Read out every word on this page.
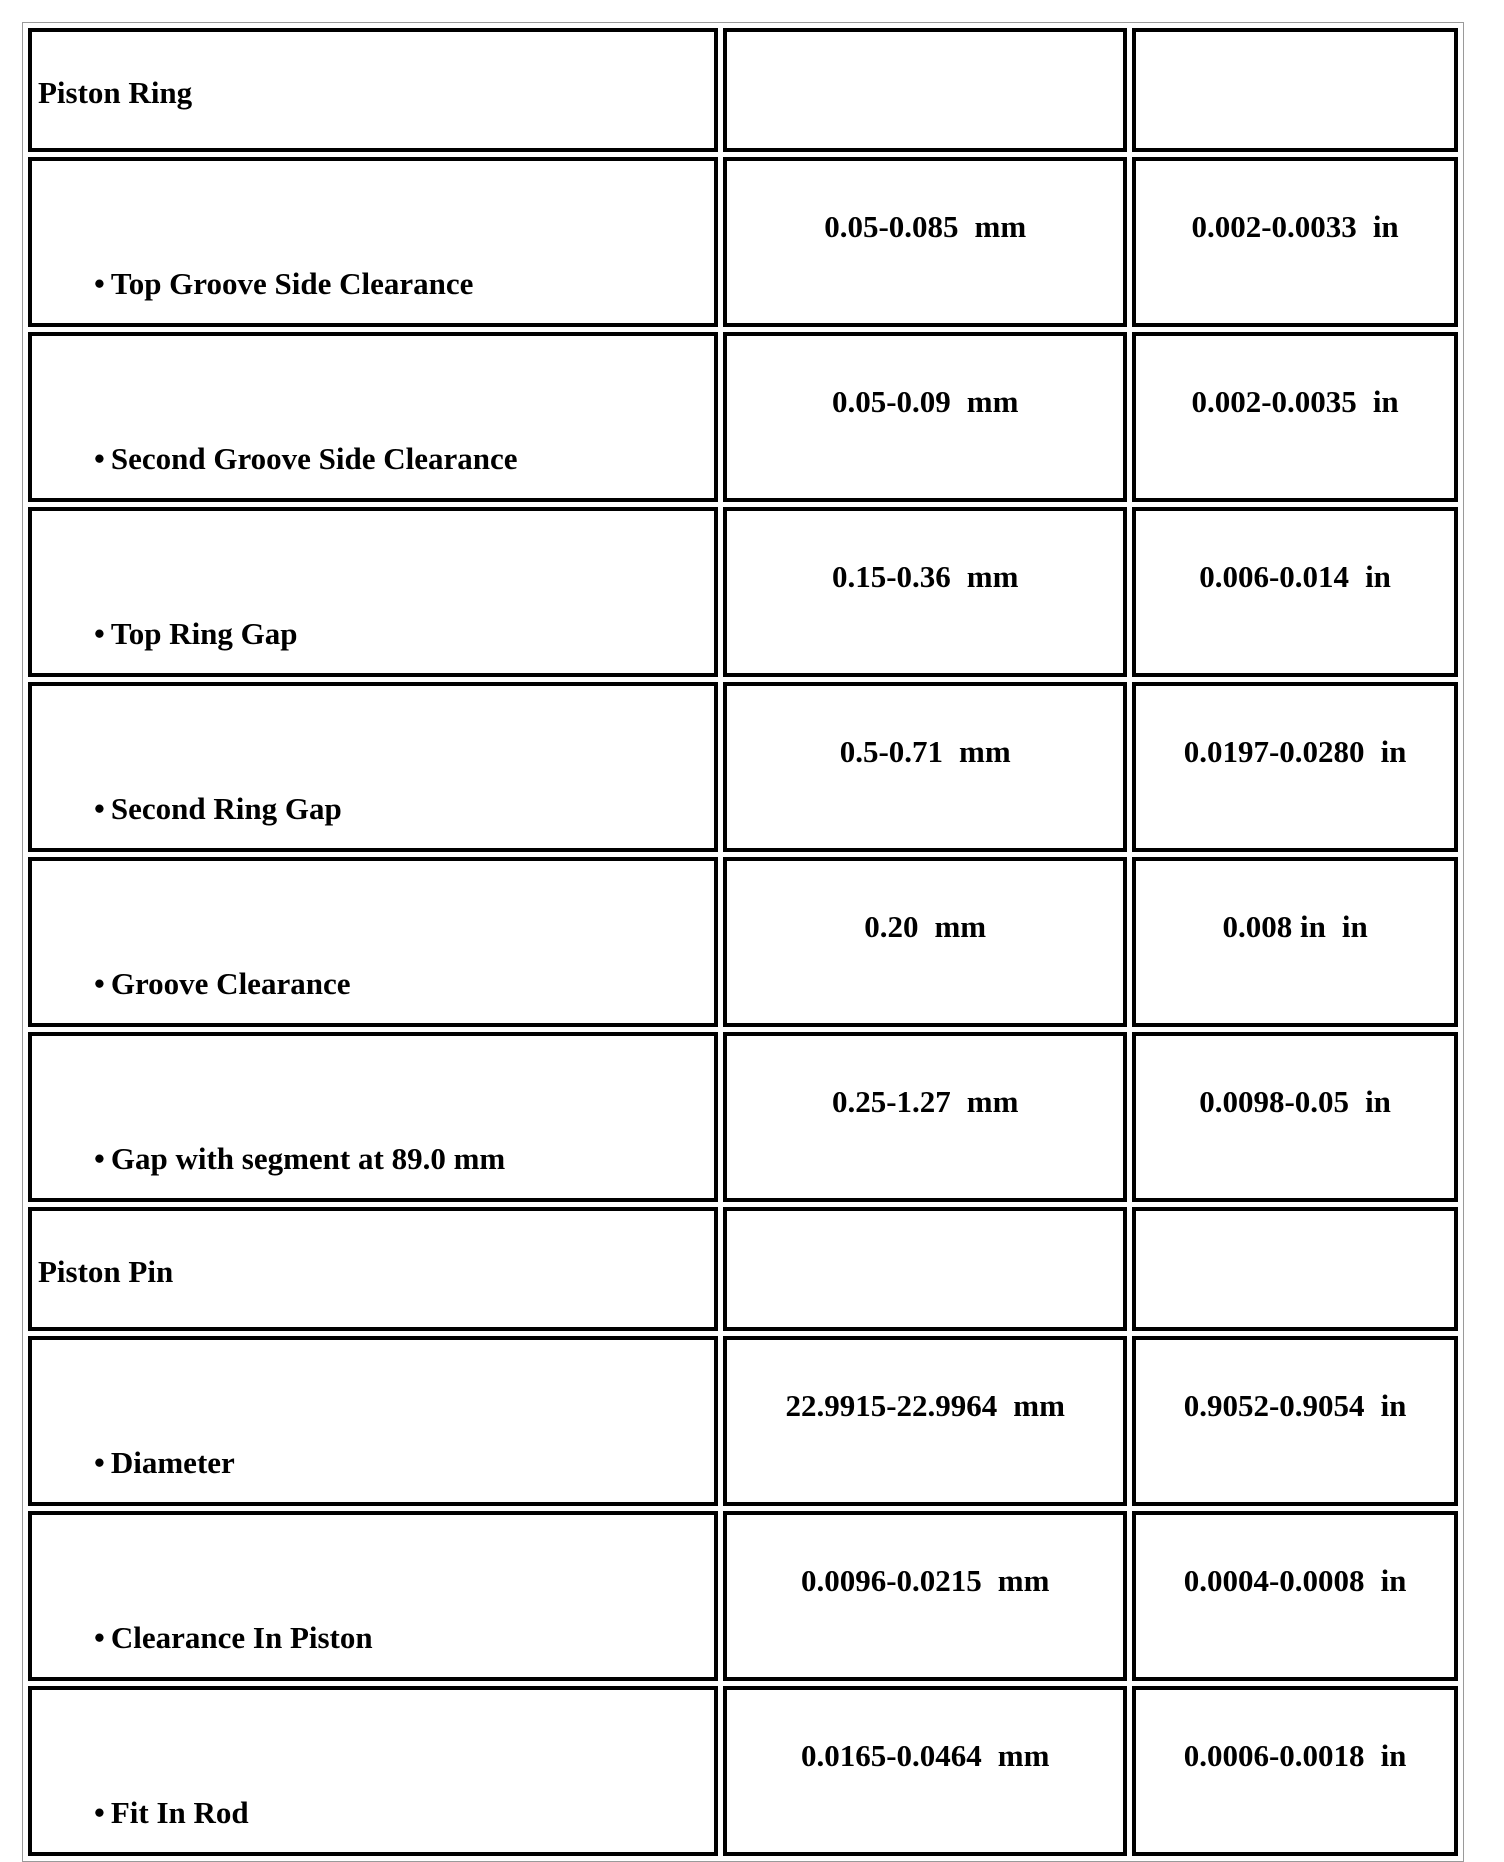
Piston Ring		
• Top Groove Side Clearance	0.05-0.085 mm	0.002-0.0033 in
• Second Groove Side Clearance	0.05-0.09 mm	0.002-0.0035 in
• Top Ring Gap	0.15-0.36 mm	0.006-0.014 in
• Second Ring Gap	0.5-0.71 mm	0.0197-0.0280 in
• Groove Clearance	0.20 mm	0.008 in in
• Gap with segment at 89.0 mm	0.25-1.27 mm	0.0098-0.05 in
Piston Pin		
• Diameter	22.9915-22.9964 mm	0.9052-0.9054 in
• Clearance In Piston	0.0096-0.0215 mm	0.0004-0.0008 in
• Fit In Rod	0.0165-0.0464 mm	0.0006-0.0018 in
